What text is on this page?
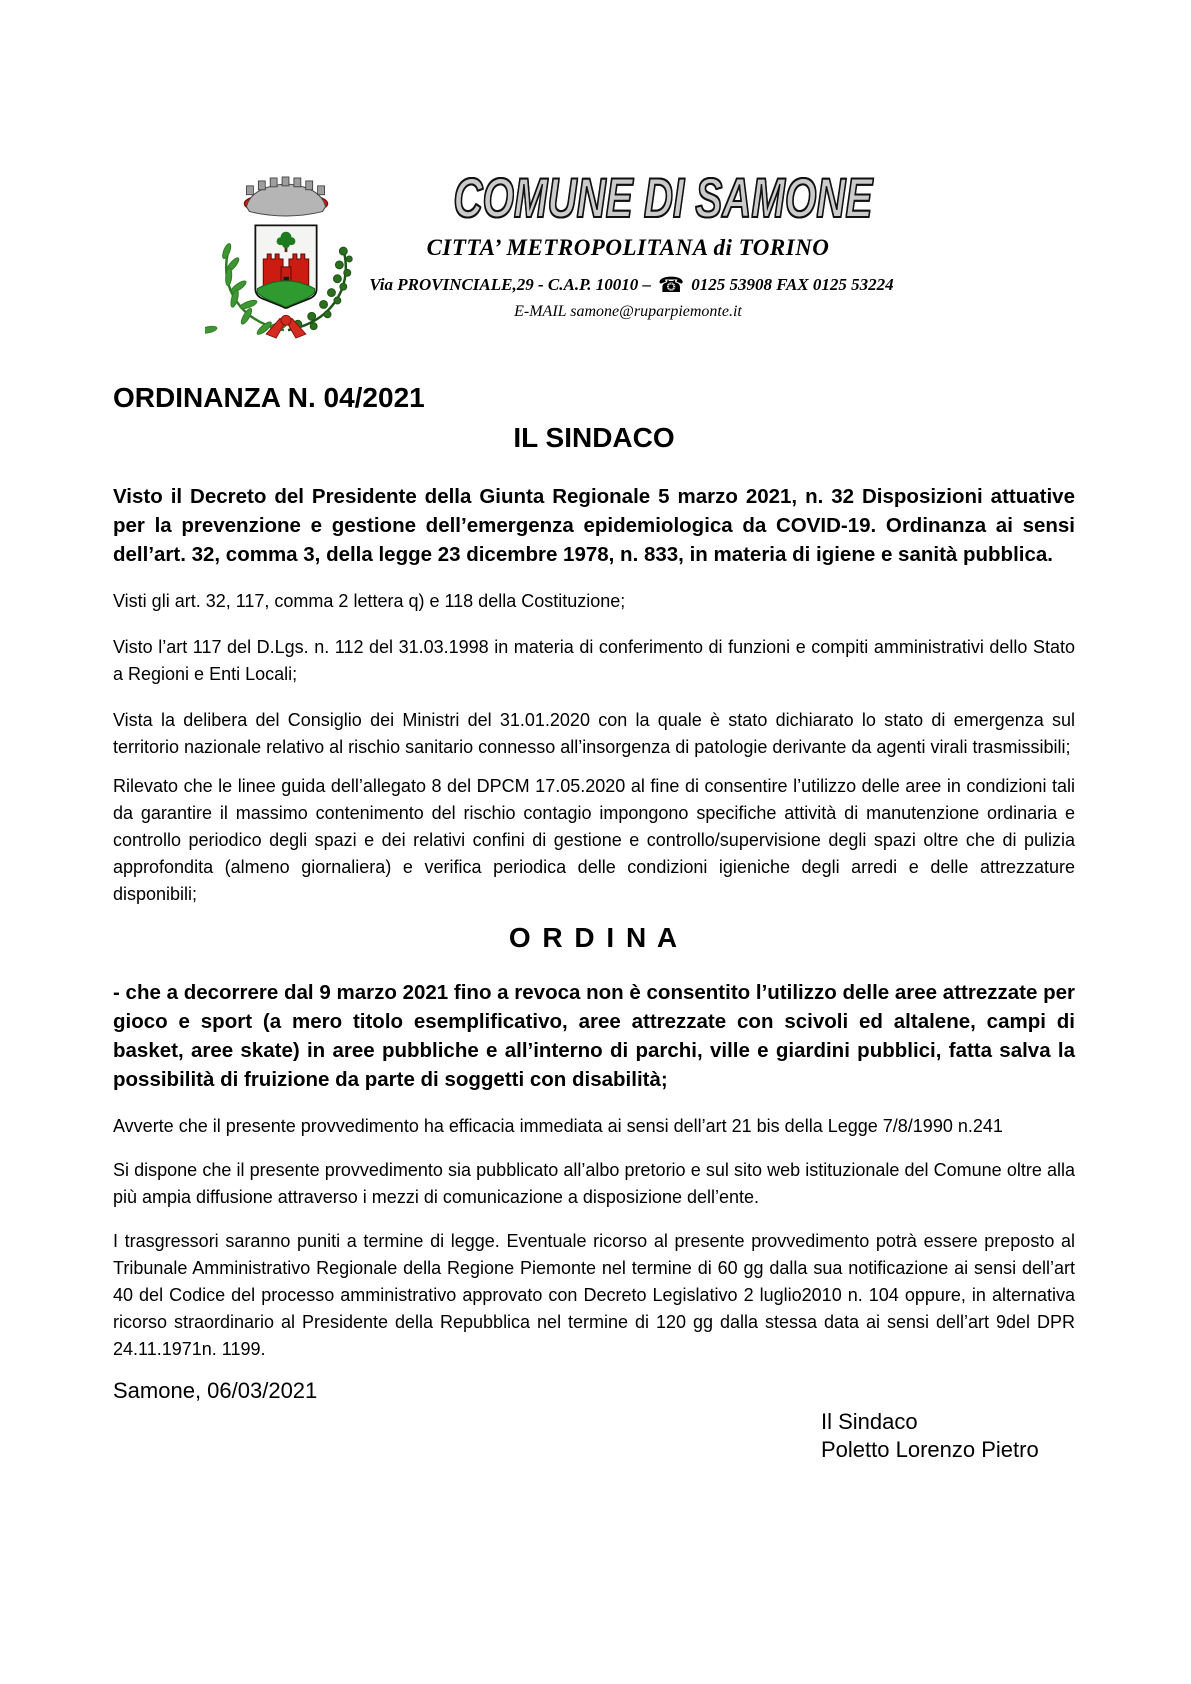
COMUNE DI SAMONE
CITTA’ METROPOLITANA di TORINO
Via PROVINCIALE,29 - C.A.P. 10010 – ☎ 0125 53908 FAX 0125 53224
E-MAIL samone@ruparpiemonte.it
ORDINANZA N. 04/2021
IL SINDACO

Visto il Decreto del Presidente della Giunta Regionale 5 marzo 2021, n. 32 Disposizioni attuative per la prevenzione e gestione dell’emergenza epidemiologica da COVID-19. Ordinanza ai sensi dell’art. 32, comma 3, della legge 23 dicembre 1978, n. 833, in materia di igiene e sanità pubblica.

Visti gli art. 32, 117, comma 2 lettera q) e 118 della Costituzione;

Visto l’art 117 del D.Lgs. n. 112 del 31.03.1998 in materia di conferimento di funzioni e compiti amministrativi dello Stato a Regioni e Enti Locali;

Vista la delibera del Consiglio dei Ministri del 31.01.2020 con la quale è stato dichiarato lo stato di emergenza sul territorio nazionale relativo al rischio sanitario connesso all’insorgenza di patologie derivante da agenti virali trasmissibili;

Rilevato che le linee guida dell’allegato 8 del DPCM 17.05.2020 al fine di consentire l’utilizzo delle aree in condizioni tali da garantire il massimo contenimento del rischio contagio impongono specifiche attività di manutenzione ordinaria e controllo periodico degli spazi e dei relativi confini di gestione e controllo/supervisione degli spazi oltre che di pulizia approfondita (almeno giornaliera) e verifica periodica delle condizioni igieniche degli arredi e delle attrezzature disponibili;

O R D I N A

- che a decorrere dal 9 marzo 2021 fino a revoca non è consentito l’utilizzo delle aree attrezzate per gioco e sport (a mero titolo esemplificativo, aree attrezzate con scivoli ed altalene, campi di basket, aree skate) in aree pubbliche e all’interno di parchi, ville e giardini pubblici, fatta salva la possibilità di fruizione da parte di soggetti con disabilità;

Avverte che il presente provvedimento ha efficacia immediata ai sensi dell’art 21 bis della Legge 7/8/1990 n.241

Si dispone che il presente provvedimento sia pubblicato all’albo pretorio e sul sito web istituzionale del Comune oltre alla più ampia diffusione attraverso i mezzi di comunicazione a disposizione dell’ente.

I trasgressori saranno puniti a termine di legge. Eventuale ricorso al presente provvedimento potrà essere preposto al Tribunale Amministrativo Regionale della Regione Piemonte nel termine di 60 gg dalla sua notificazione ai sensi dell’art 40 del Codice del processo amministrativo approvato con Decreto Legislativo 2 luglio2010 n. 104 oppure, in alternativa ricorso straordinario al Presidente della Repubblica nel termine di 120 gg dalla stessa data ai sensi dell’art 9del DPR 24.11.1971n. 1199.

Samone, 06/03/2021
Il Sindaco
Poletto Lorenzo Pietro
